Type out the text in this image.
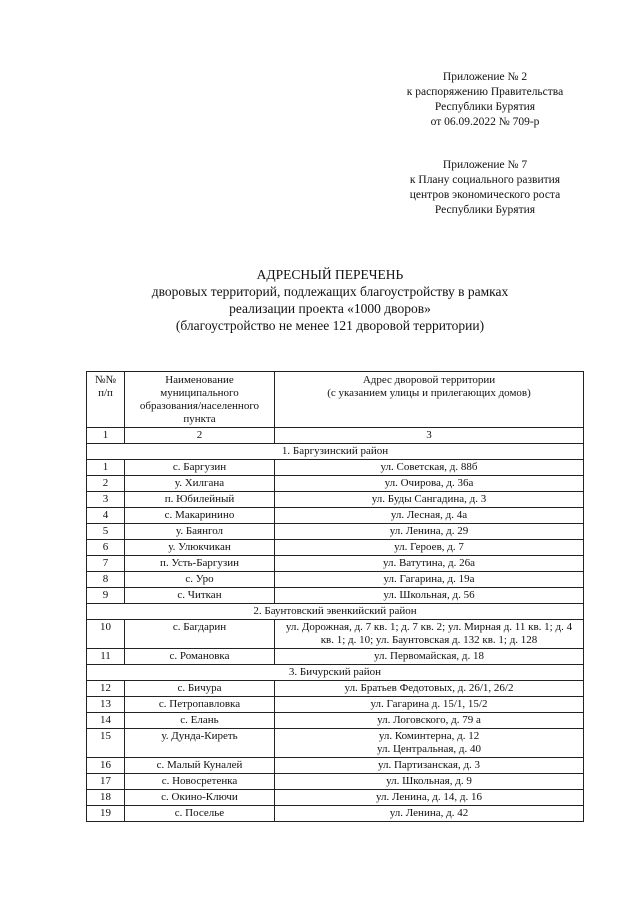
Приложение № 2
к распоряжению Правительства
Республики Бурятия
от 06.09.2022 № 709-р
Приложение № 7
к Плану социального развития
центров экономического роста
Республики Бурятия
АДРЕСНЫЙ ПЕРЕЧЕНЬ
дворовых территорий, подлежащих благоустройству в рамках
реализации проекта «1000 дворов»
(благоустройство не менее 121 дворовой территории)
№№
п/п	Наименование
муниципального
образования/населенного
пункта	Адрес дворовой территории
(с указанием улицы и прилегающих домов)

1	2	3
1. Баргузинский район		
1	с. Баргузин	ул. Советская, д. 88б

2	у. Хилгана	ул. Очирова, д. 36а

3	п. Юбилейный	ул. Буды Сангадина, д. 3

4	с. Макаринино	ул. Лесная, д. 4а

5	у. Баянгол	ул. Ленина, д. 29

6	у. Улюкчикан	ул. Героев, д. 7

7	п. Усть-Баргузин	ул. Ватутина, д. 26а

8	с. Уро	ул. Гагарина, д. 19а

9	с. Читкан	ул. Школьная, д. 56

2. Баунтовский эвенкийский район		
10	с. Багдарин	ул. Дорожная, д. 7 кв. 1; д. 7 кв. 2; ул. Мирная д. 11 кв. 1; д. 4 кв. 1; д. 10; ул. Баунтовская д. 132 кв. 1; д. 128

11	с. Романовка	ул. Первомайская, д. 18

3. Бичурский район		
12	с. Бичура	ул. Братьев Федотовых, д. 26/1, 26/2

13	с. Петропавловка	ул. Гагарина д. 15/1, 15/2

14	с. Елань	ул. Логовского, д. 79 а

15	у. Дунда-Киреть	ул. Коминтерна, д. 12
ул. Центральная, д. 40

16	с. Малый Куналей	ул. Партизанская, д. 3

17	с. Новосретенка	ул. Школьная, д. 9

18	с. Окино-Ключи	ул. Ленина, д. 14, д. 16

19	с. Поселье	ул. Ленина, д. 42
